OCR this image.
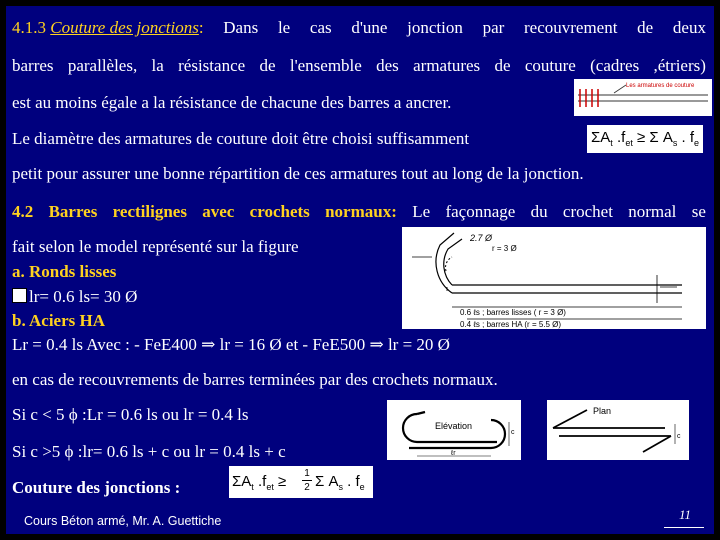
4.1.3 Couture des jonctions: Dans le cas d'une jonction par recouvrement de deux
barres parallèles, la résistance de l'ensemble des armatures de couture (cadres ,étriers)
est au moins égale a la résistance de chacune des barres a ancrer.
Le diamètre des armatures de couture doit être choisi suffisamment
petit pour assurer une bonne répartition de ces armatures tout au long de la jonction.
Les armatures de couture
$\Sigma A_t$ $.f_{et} \ge \Sigma$ $A_s$ . $f_e$
4.2 Barres rectilignes avec crochets normaux: Le façonnage du crochet normal se
fait selon le model représenté sur la figure
a. Ronds lisses
lr= 0.6 ls= 30 Ø
b. Aciers HA
Lr = 0.4 ls Avec : - FeE400 ⇒ lr = 16 Ø et - FeE500 ⇒ lr = 20 Ø
2.7 Ø
r = 3 Ø
0.6 ℓs ; barres lisses ( r = 3 Ø)
0.4 ℓs ; barres HA (r = 5.5 Ø)
en cas de recouvrements de barres terminées par des crochets normaux.
Si c < 5 ϕ :Lr = 0.6 ls ou lr = 0.4 ls
Si c >5 ϕ :lr= 0.6 ls + c ou lr = 0.4 ls + c
Couture des jonctions :
Elévation
ℓr
c
Plan
c
$\Sigma A_t$ $.f_{et} \ge 1$
2 Σ $A_s$ . $f_e$
Cours Béton armé, Mr. A. Guettiche	11
